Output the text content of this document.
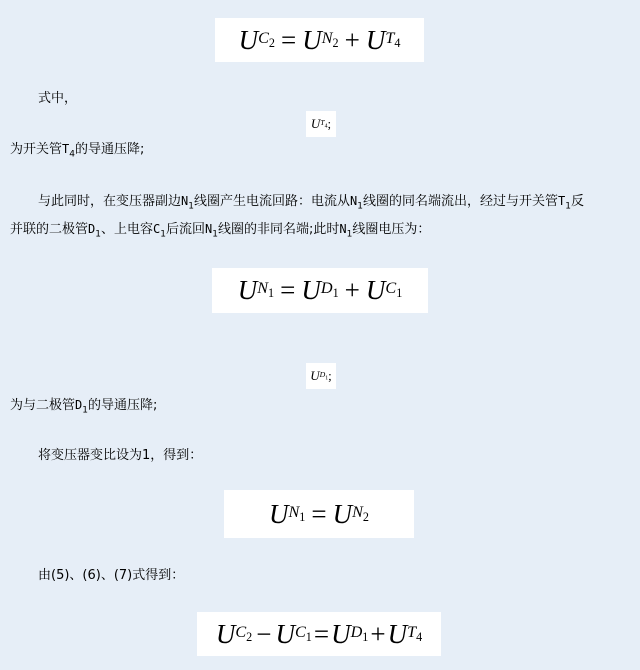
U $C_2 = U$ $N_2 + U$ $T_4$
式中，
U $T_4$ ;
为开关管$T_4$的导通压降;
与此同时，在变压器副边$N_1$线圈产生电流回路：电流从$N_1$线圈的同名端流出，经过与开关管$T_1$反
并联的二极管$D_1$、上电容$C_1$后流回$N_1$线圈的非同名端;此时$N_1$线圈电压为：
U $N_1 = U$ $D_1 + U$ $C_1$
U $D_1$ ;
为与二极管$D_1$的导通压降;
将变压器变比设为1，得到：
U $N_1 = U$ $N_2$
由(5)、(6)、(7)式得到：
U $C_2 - U$ $C_1 = U$ $D_1 + U$ $T_4$
